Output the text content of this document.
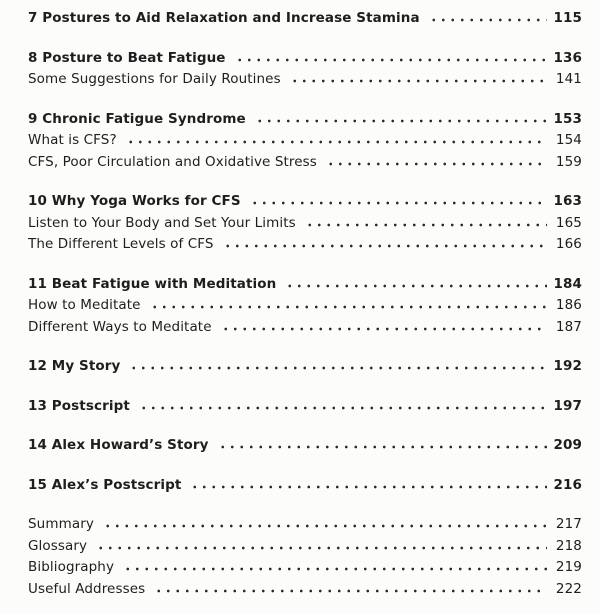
7 Postures to Aid Relaxation and Increase Stamina	115
8 Posture to Beat Fatigue	136
Some Suggestions for Daily Routines	141
9 Chronic Fatigue Syndrome	153
What is CFS?	154
CFS, Poor Circulation and Oxidative Stress	159
10 Why Yoga Works for CFS	163
Listen to Your Body and Set Your Limits	165
The Different Levels of CFS	166
11 Beat Fatigue with Meditation	184
How to Meditate	186
Different Ways to Meditate	187
12 My Story	192
13 Postscript	197
14 Alex Howard’s Story	209
15 Alex’s Postscript	216
Summary	217
Glossary	218
Bibliography	219
Useful Addresses	222
